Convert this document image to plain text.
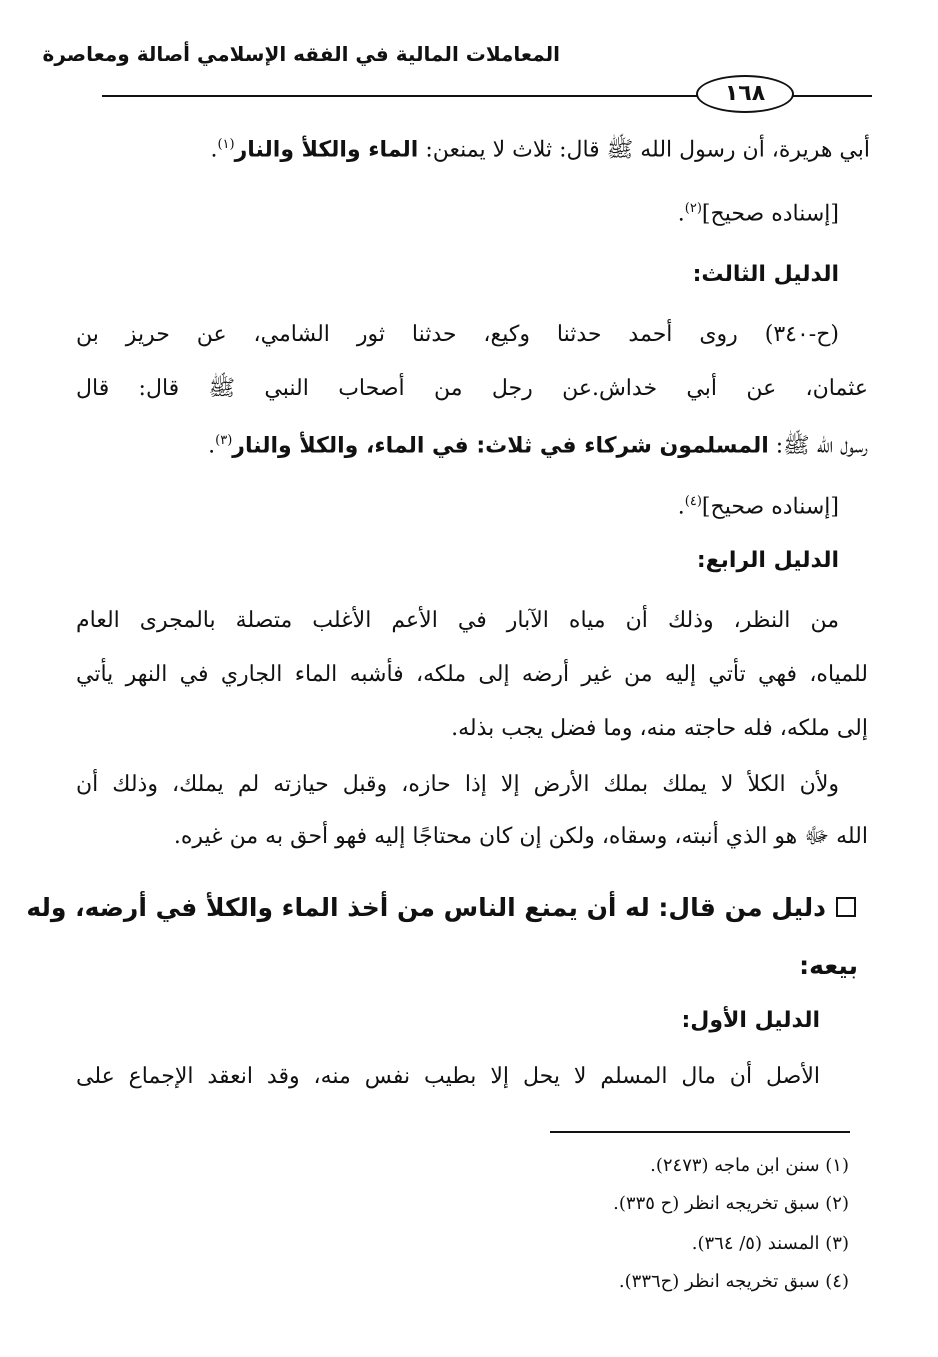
المعاملات المالية في الفقه الإسلامي أصالة ومعاصرة
١٦٨
أبي هريرة، أن رسول الله ﷺ قال: ثلاث لا يمنعن: الماء والكلأ والنار$^{(١)}$.
[إسناده صحيح]$^{(٢)}$.
الدليل الثالث:
(ح-٣٤٠) روى أحمد حدثنا وكيع، حدثنا ثور الشامي، عن حريز بن
عثمان، عن أبي خداش.عن رجل من أصحاب النبي ﷺ قال: قال
رسول الله ﷺ: المسلمون شركاء في ثلاث: في الماء، والكلأ والنار$^{(٣)}$.
[إسناده صحيح]$^{(٤)}$.
الدليل الرابع:
من النظر، وذلك أن مياه الآبار في الأعم الأغلب متصلة بالمجرى العام
للمياه، فهي تأتي إليه من غير أرضه إلى ملكه، فأشبه الماء الجاري في النهر يأتي
إلى ملكه، فله حاجته منه، وما فضل يجب بذله.
ولأن الكلأ لا يملك بملك الأرض إلا إذا حازه، وقبل حيازته لم يملك، وذلك أن
الله ﷻ هو الذي أنبته، وسقاه، ولكن إن كان محتاجًا إليه فهو أحق به من غيره.
دليل من قال: له أن يمنع الناس من أخذ الماء والكلأ في أرضه، وله
بيعه:
الدليل الأول:
الأصل أن مال المسلم لا يحل إلا بطيب نفس منه، وقد انعقد الإجماع على
(١) سنن ابن ماجه (٢٤٧٣).
(٢) سبق تخريجه انظر (ح ٣٣٥).
(٣) المسند (٥/ ٣٦٤).
(٤) سبق تخريجه انظر (ح٣٣٦).
